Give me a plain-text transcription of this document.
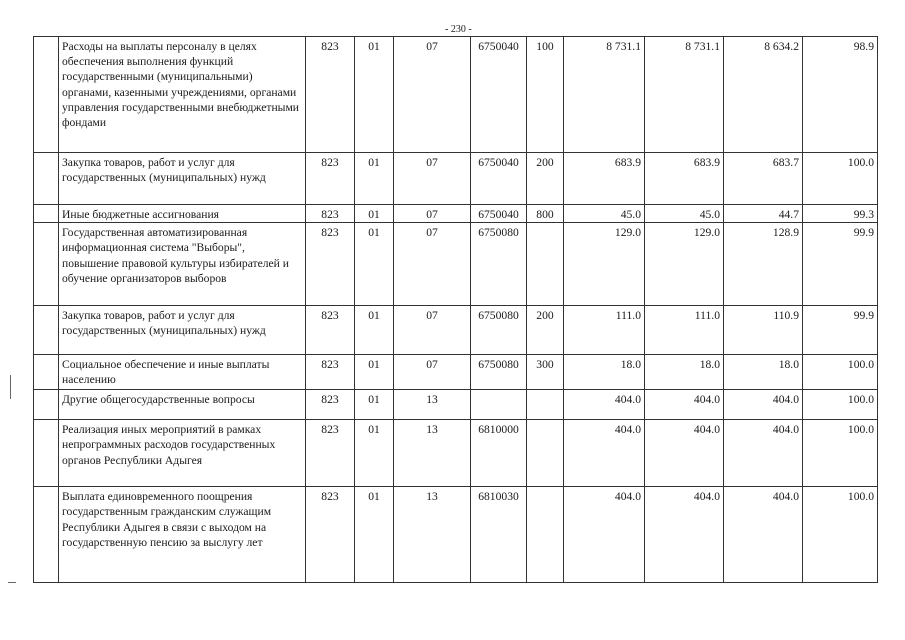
- 230 -
	Расходы на выплаты персоналу в целях обеспечения выполнения функций государственными (муниципальными) органами, казенными учреждениями, органами управления государственными внебюджетными фондами	823	01	07	6750040	100	8 731.1	8 731.1	8 634.2	98.9
	Закупка товаров, работ и услуг для государственных (муниципальных) нужд	823	01	07	6750040	200	683.9	683.9	683.7	100.0
	Иные бюджетные ассигнования	823	01	07	6750040	800	45.0	45.0	44.7	99.3
	Государственная автоматизированная информационная система "Выборы", повышение правовой культуры избирателей и обучение организаторов выборов	823	01	07	6750080		129.0	129.0	128.9	99.9
	Закупка товаров, работ и услуг для государственных (муниципальных) нужд	823	01	07	6750080	200	111.0	111.0	110.9	99.9
	Социальное обеспечение и иные выплаты населению	823	01	07	6750080	300	18.0	18.0	18.0	100.0
	Другие общегосударственные вопросы	823	01	13			404.0	404.0	404.0	100.0
	Реализация иных мероприятий в рамках непрограммных расходов государственных органов Республики Адыгея	823	01	13	6810000		404.0	404.0	404.0	100.0
	Выплата единовременного поощрения государственным гражданским служащим Республики Адыгея в связи с выходом на государственную пенсию за выслугу лет	823	01	13	6810030		404.0	404.0	404.0	100.0
